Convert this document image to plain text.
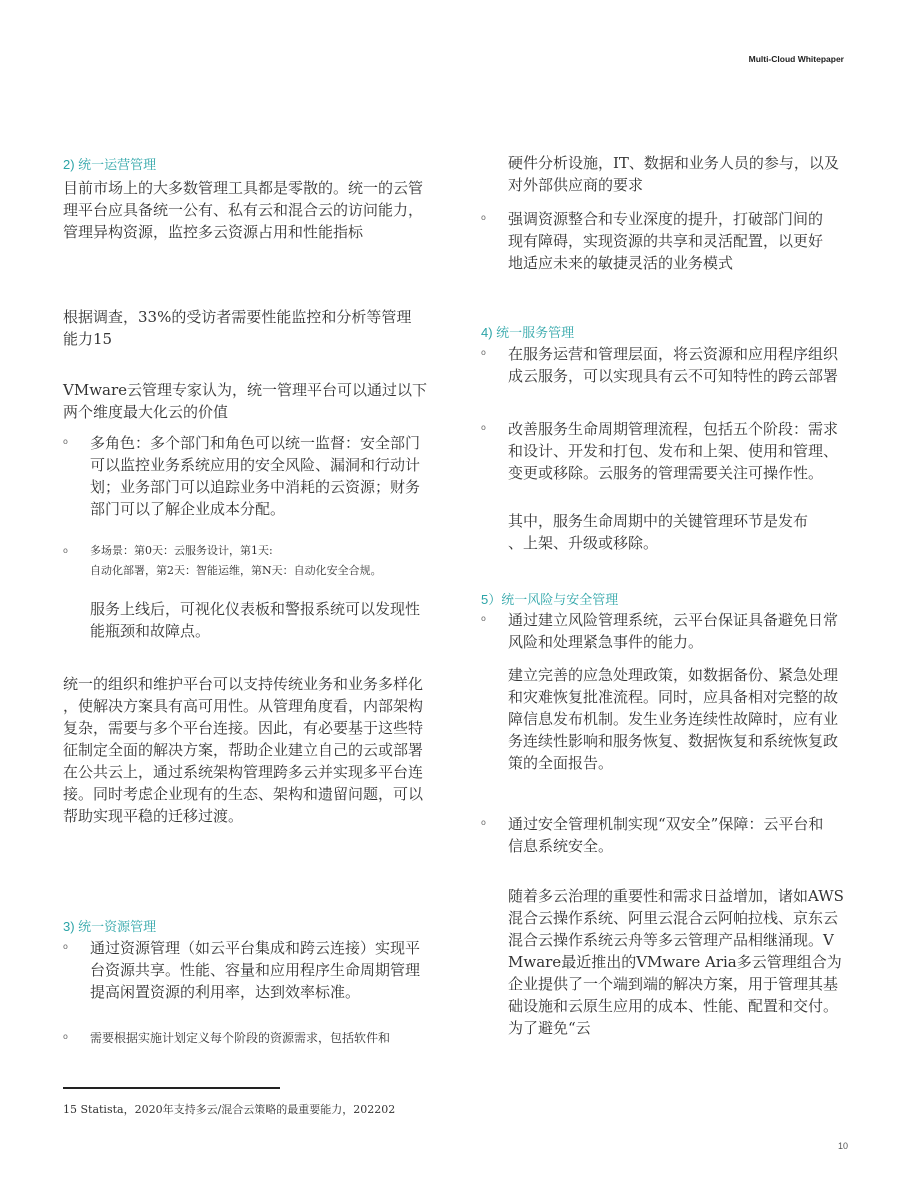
Multi-Cloud Whitepaper
2) 统一运营管理
目前市场上的大多数管理工具都是零散的。统一的云管
理平台应具备统一公有、私有云和混合云的访问能力，
管理异构资源，监控多云资源占用和性能指标
根据调查，33%的受访者需要性能监控和分析等管理
能力15
VMware云管理专家认为，统一管理平台可以通过以下
两个维度最大化云的价值
o 多角色：多个部门和角色可以统一监督：安全部门
可以监控业务系统应用的安全风险、漏洞和行动计
划；业务部门可以追踪业务中消耗的云资源；财务
部门可以了解企业成本分配。
o 多场景：第0天：云服务设计，第1天:
自动化部署，第2天：智能运维，第N天：自动化安全合规。
服务上线后，可视化仪表板和警报系统可以发现性
能瓶颈和故障点。
统一的组织和维护平台可以支持传统业务和业务多样化
，使解决方案具有高可用性。从管理角度看，内部架构
复杂，需要与多个平台连接。因此，有必要基于这些特
征制定全面的解决方案，帮助企业建立自己的云或部署
在公共云上，通过系统架构管理跨多云并实现多平台连
接。同时考虑企业现有的生态、架构和遗留问题，可以
帮助实现平稳的迁移过渡。
3) 统一资源管理
o 通过资源管理（如云平台集成和跨云连接）实现平
台资源共享。性能、容量和应用程序生命周期管理
提高闲置资源的利用率，达到效率标准。
o 需要根据实施计划定义每个阶段的资源需求，包括软件和
15 Statista，2020年支持多云/混合云策略的最重要能力，202202
硬件分析设施，IT、数据和业务人员的参与，以及
对外部供应商的要求
o 强调资源整合和专业深度的提升，打破部门间的
现有障碍，实现资源的共享和灵活配置，以更好
地适应未来的敏捷灵活的业务模式
4) 统一服务管理
o 在服务运营和管理层面，将云资源和应用程序组织
成云服务，可以实现具有云不可知特性的跨云部署
o 改善服务生命周期管理流程，包括五个阶段：需求
和设计、开发和打包、发布和上架、使用和管理、
变更或移除。云服务的管理需要关注可操作性。
其中，服务生命周期中的关键管理环节是发布
、上架、升级或移除。
5）统一风险与安全管理
o 通过建立风险管理系统，云平台保证具备避免日常
风险和处理紧急事件的能力。
建立完善的应急处理政策，如数据备份、紧急处理
和灾难恢复批准流程。同时，应具备相对完整的故
障信息发布机制。发生业务连续性故障时，应有业
务连续性影响和服务恢复、数据恢复和系统恢复政
策的全面报告。
o 通过安全管理机制实现“双安全”保障：云平台和
信息系统安全。
随着多云治理的重要性和需求日益增加，诸如AWS
混合云操作系统、阿里云混合云阿帕拉栈、京东云
混合云操作系统云舟等多云管理产品相继涌现。V
Mware最近推出的VMware Aria多云管理组合为
企业提供了一个端到端的解决方案，用于管理其基
础设施和云原生应用的成本、性能、配置和交付。
为了避免“云
10
